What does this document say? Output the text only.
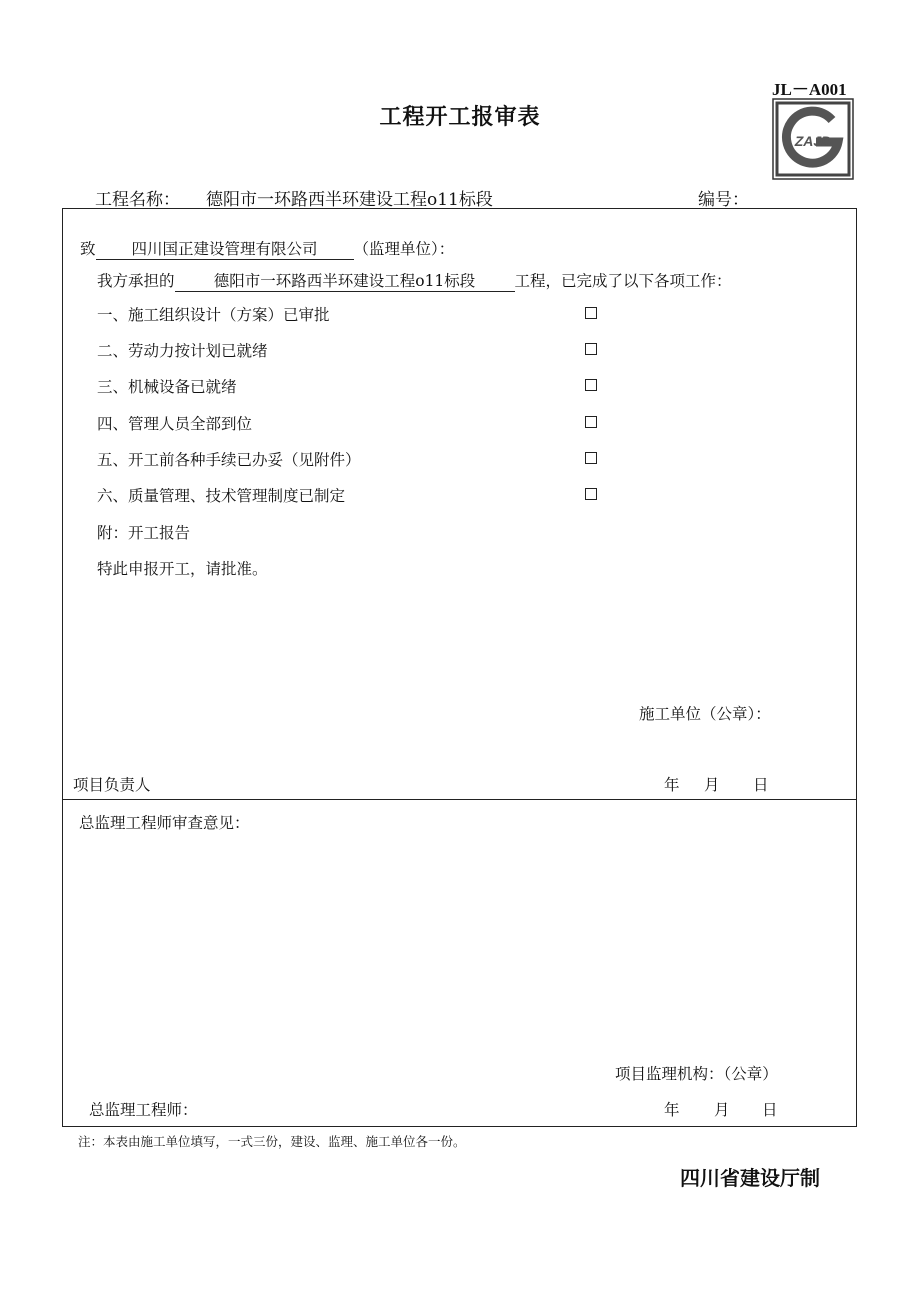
JL－A001
ZAJD
工程开工报审表
工程名称： 德阳市一环路西半环建设工程o11标段	编号：
致 四川国正建设管理有限公司 （监理单位）：
我方承担的	德阳市一环路西半环建设工程o11标段	工程，已完成了以下各项工作：
一、施工组织设计（方案）已审批
二、劳动力按计划已就绪
三、机械设备已就绪
四、管理人员全部到位
五、开工前各种手续已办妥（见附件）
六、质量管理、技术管理制度已制定
附：开工报告
特此申报开工，请批准。
施工单位（公章）：
项目负责人	年 月 日
总监理工程师审查意见：
项目监理机构：（公章）
总监理工程师：	年 月 日
注：本表由施工单位填写，一式三份，建设、监理、施工单位各一份。
四川省建设厅制
